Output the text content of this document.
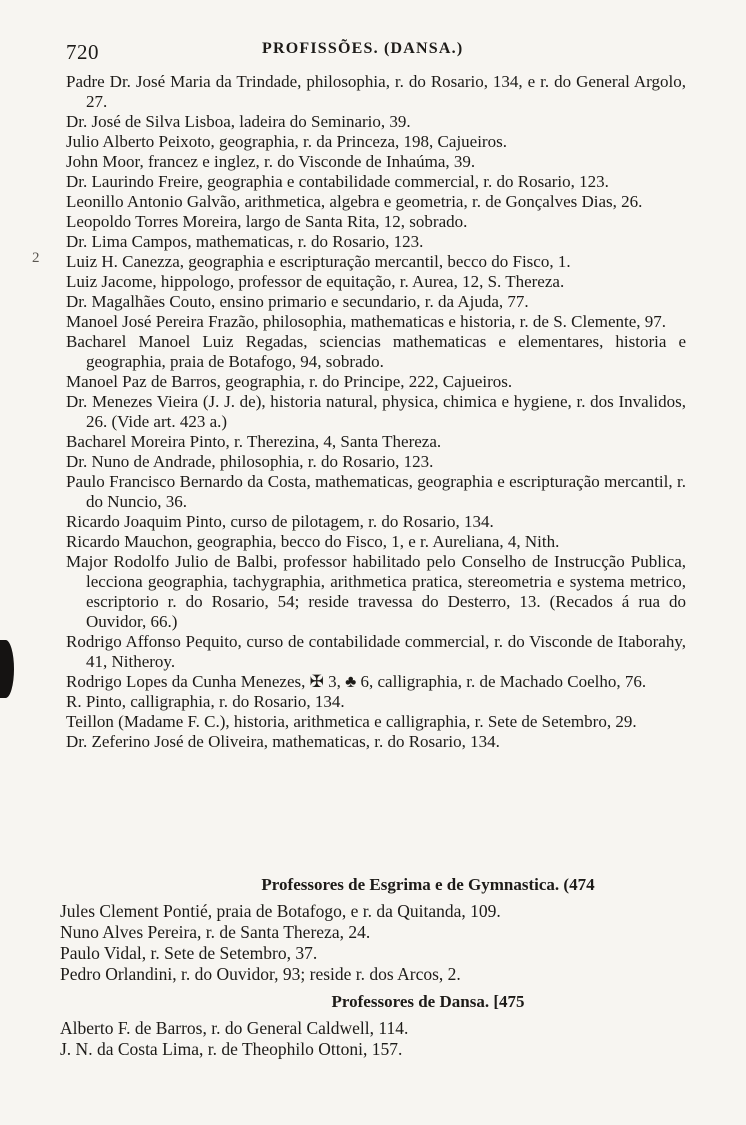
720	PROFISSÕES. (DANSA.)
2
Padre Dr. José Maria da Trindade, philosophia, r. do Rosario, 134, e r. do General Argolo, 27.
Dr. José de Silva Lisboa, ladeira do Seminario, 39.
Julio Alberto Peixoto, geographia, r. da Princeza, 198, Cajueiros.
John Moor, francez e inglez, r. do Visconde de Inhaúma, 39.
Dr. Laurindo Freire, geographia e contabilidade commercial, r. do Rosario, 123.
Leonillo Antonio Galvão, arithmetica, algebra e geometria, r. de Gonçalves Dias, 26.
Leopoldo Torres Moreira, largo de Santa Rita, 12, sobrado.
Dr. Lima Campos, mathematicas, r. do Rosario, 123.
Luiz H. Canezza, geographia e escripturação mercantil, becco do Fisco, 1.
Luiz Jacome, hippologo, professor de equitação, r. Aurea, 12, S. Thereza.
Dr. Magalhães Couto, ensino primario e secundario, r. da Ajuda, 77.
Manoel José Pereira Frazão, philosophia, mathematicas e historia, r. de S. Clemente, 97.
Bacharel Manoel Luiz Regadas, sciencias mathematicas e elementares, historia e geographia, praia de Botafogo, 94, sobrado.
Manoel Paz de Barros, geographia, r. do Principe, 222, Cajueiros.
Dr. Menezes Vieira (J. J. de), historia natural, physica, chimica e hygiene, r. dos Invalidos, 26. (Vide art. 423 a.)
Bacharel Moreira Pinto, r. Therezina, 4, Santa Thereza.
Dr. Nuno de Andrade, philosophia, r. do Rosario, 123.
Paulo Francisco Bernardo da Costa, mathematicas, geographia e escripturação mercantil, r. do Nuncio, 36.
Ricardo Joaquim Pinto, curso de pilotagem, r. do Rosario, 134.
Ricardo Mauchon, geographia, becco do Fisco, 1, e r. Aureliana, 4, Nith.
Major Rodolfo Julio de Balbi, professor habilitado pelo Conselho de Instrucção Publica, lecciona geographia, tachygraphia, arithmetica pratica, stereometria e systema metrico, escriptorio r. do Rosario, 54; reside travessa do Desterro, 13. (Recados á rua do Ouvidor, 66.)
Rodrigo Affonso Pequito, curso de contabilidade commercial, r. do Visconde de Itaborahy, 41, Nitheroy.
Rodrigo Lopes da Cunha Menezes, ✠ 3, ♣ 6, calligraphia, r. de Machado Coelho, 76.
R. Pinto, calligraphia, r. do Rosario, 134.
Teillon (Madame F. C.), historia, arithmetica e calligraphia, r. Sete de Setembro, 29.
Dr. Zeferino José de Oliveira, mathematicas, r. do Rosario, 134.
Professores de Esgrima e de Gymnastica. (474
Jules Clement Pontié, praia de Botafogo, e r. da Quitanda, 109.
Nuno Alves Pereira, r. de Santa Thereza, 24.
Paulo Vidal, r. Sete de Setembro, 37.
Pedro Orlandini, r. do Ouvidor, 93; reside r. dos Arcos, 2.
Professores de Dansa. [475
Alberto F. de Barros, r. do General Caldwell, 114.
J. N. da Costa Lima, r. de Theophilo Ottoni, 157.
